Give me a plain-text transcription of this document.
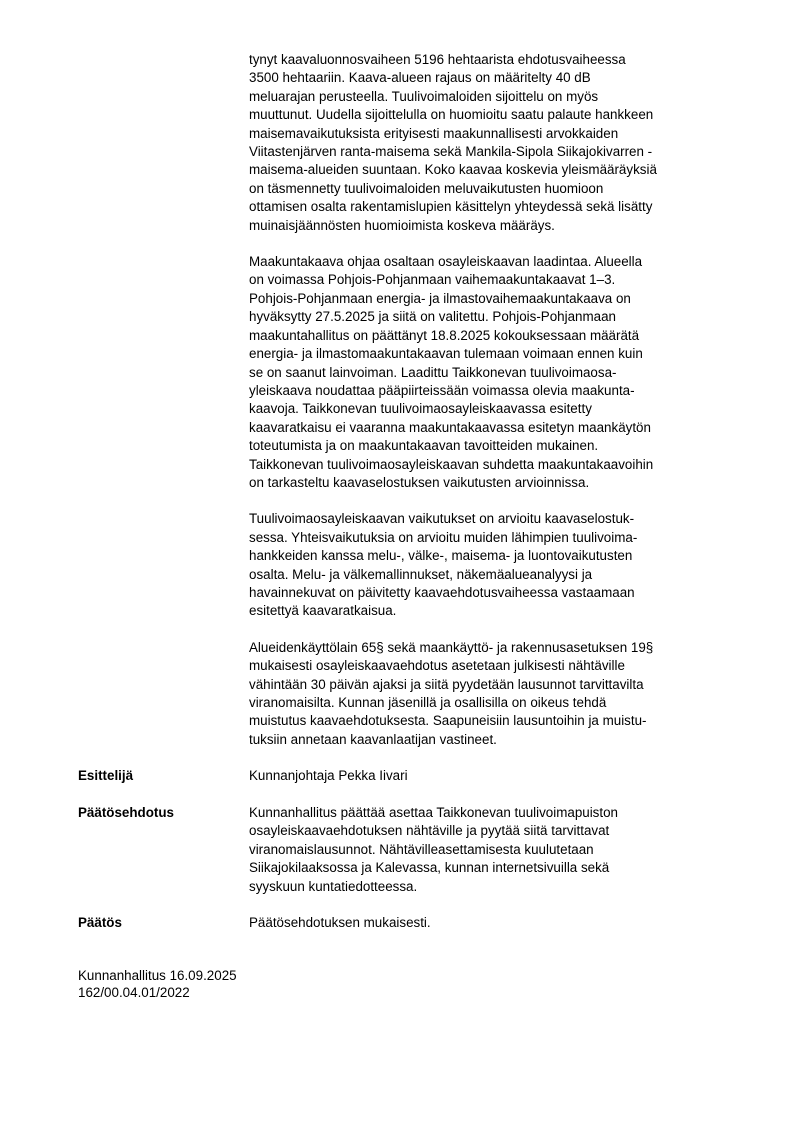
tynyt kaavaluonnosvaiheen 5196 hehtaarista ehdotusvaiheessa
3500 hehtaariin. Kaava-alueen rajaus on määritelty 40 dB
meluarajan perusteella. Tuulivoimaloiden sijoittelu on myös
muuttunut. Uudella sijoittelulla on huomioitu saatu palaute hankkeen
maisemavaikutuksista erityisesti maakunnallisesti arvokkaiden
Viitastenjärven ranta-maisema sekä Mankila-Sipola Siikajokivarren -
maisema-alueiden suuntaan. Koko kaavaa koskevia yleismääräyksiä
on täsmennetty tuulivoimaloiden meluvaikutusten huomioon
ottamisen osalta rakentamislupien käsittelyn yhteydessä sekä lisätty
muinaisjäännösten huomioimista koskeva määräys.

Maakuntakaava ohjaa osaltaan osayleiskaavan laadintaa. Alueella
on voimassa Pohjois-Pohjanmaan vaihemaakuntakaavat 1–3.
Pohjois-Pohjanmaan energia- ja ilmastovaihemaakuntakaava on
hyväksytty 27.5.2025 ja siitä on valitettu. Pohjois-Pohjanmaan
maakuntahallitus on päättänyt 18.8.2025 kokouksessaan määrätä
energia- ja ilmastomaakuntakaavan tulemaan voimaan ennen kuin
se on saanut lainvoiman. Laadittu Taikkonevan tuulivoimaosa-
yleiskaava noudattaa pääpiirteissään voimassa olevia maakunta-
kaavoja. Taikkonevan tuulivoimaosayleiskaavassa esitetty
kaavaratkaisu ei vaaranna maakuntakaavassa esitetyn maankäytön
toteutumista ja on maakuntakaavan tavoitteiden mukainen.
Taikkonevan tuulivoimaosayleiskaavan suhdetta maakuntakaavoihin
on tarkasteltu kaavaselostuksen vaikutusten arvioinnissa.

Tuulivoimaosayleiskaavan vaikutukset on arvioitu kaavaselostuk-
sessa. Yhteisvaikutuksia on arvioitu muiden lähimpien tuulivoima-
hankkeiden kanssa melu-, välke-, maisema- ja luontovaikutusten
osalta. Melu- ja välkemallinnukset, näkemäalueanalyysi ja
havainnekuvat on päivitetty kaavaehdotusvaiheessa vastaamaan
esitettyä kaavaratkaisua.

Alueidenkäyttölain 65§ sekä maankäyttö- ja rakennusasetuksen 19§
mukaisesti osayleiskaavaehdotus asetetaan julkisesti nähtäville
vähintään 30 päivän ajaksi ja siitä pyydetään lausunnot tarvittavilta
viranomaisilta. Kunnan jäsenillä ja osallisilla on oikeus tehdä
muistutus kaavaehdotuksesta. Saapuneisiin lausuntoihin ja muistu-
tuksiin annetaan kaavanlaatijan vastineet.

Esittelijä	Kunnanjohtaja Pekka Iivari
Päätösehdotus	Kunnanhallitus päättää asettaa Taikkonevan tuulivoimapuiston
osayleiskaavaehdotuksen nähtäville ja pyytää siitä tarvittavat
viranomaislausunnot. Nähtävilleasettamisesta kuulutetaan
Siikajokilaaksossa ja Kalevassa, kunnan internetsivuilla sekä
syyskuun kuntatiedotteessa.
Päätös	Päätösehdotuksen mukaisesti.
Kunnanhallitus 16.09.2025
162/00.04.01/2022
